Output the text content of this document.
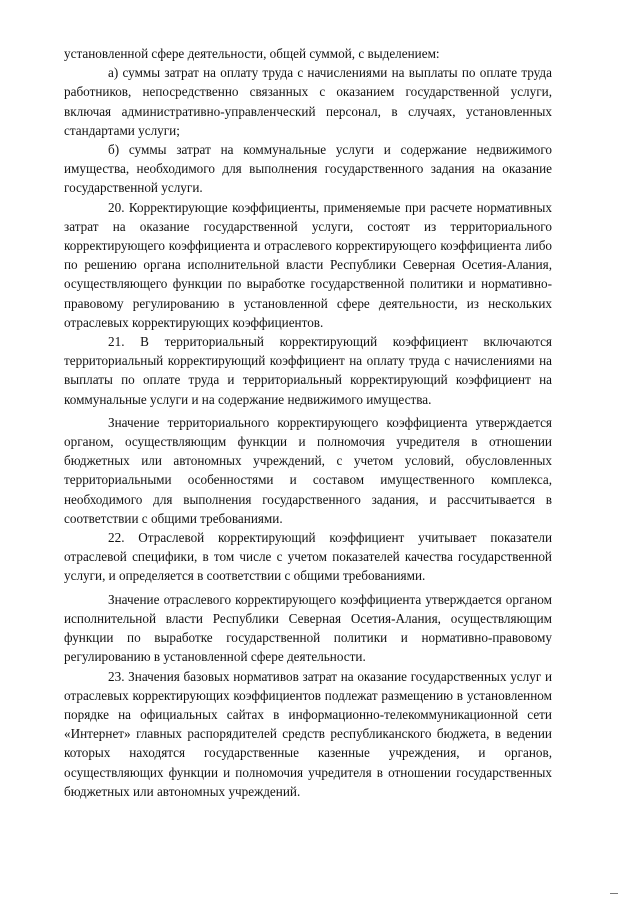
установленной сфере деятельности, общей суммой, с выделением:

а) суммы затрат на оплату труда с начислениями на выплаты по оплате труда работников, непосредственно связанных с оказанием государственной услуги, включая административно-управленческий персонал, в случаях, установленных стандартами услуги;

б) суммы затрат на коммунальные услуги и содержание недвижимого имущества, необходимого для выполнения государственного задания на оказание государственной услуги.

20. Корректирующие коэффициенты, применяемые при расчете нормативных затрат на оказание государственной услуги, состоят из территориального корректирующего коэффициента и отраслевого корректирующего коэффициента либо по решению органа исполнительной власти Республики Северная Осетия-Алания, осуществляющего функции по выработке государственной политики и нормативно-правовому регулированию в установленной сфере деятельности, из нескольких отраслевых корректирующих коэффициентов.

21. В территориальный корректирующий коэффициент включаются территориальный корректирующий коэффициент на оплату труда с начислениями на выплаты по оплате труда и территориальный корректирующий коэффициент на коммунальные услуги и на содержание недвижимого имущества.

Значение территориального корректирующего коэффициента утверждается органом, осуществляющим функции и полномочия учредителя в отношении бюджетных или автономных учреждений, с учетом условий, обусловленных территориальными особенностями и составом имущественного комплекса, необходимого для выполнения государственного задания, и рассчитывается в соответствии с общими требованиями.

22. Отраслевой корректирующий коэффициент учитывает показатели отраслевой специфики, в том числе с учетом показателей качества государственной услуги, и определяется в соответствии с общими требованиями.

Значение отраслевого корректирующего коэффициента утверждается органом исполнительной власти Республики Северная Осетия-Алания, осуществляющим функции по выработке государственной политики и нормативно-правовому регулированию в установленной сфере деятельности.

23. Значения базовых нормативов затрат на оказание государственных услуг и отраслевых корректирующих коэффициентов подлежат размещению в установленном порядке на официальных сайтах в информационно-телекоммуникационной сети «Интернет» главных распорядителей средств республиканского бюджета, в ведении которых находятся государственные казенные учреждения, и органов, осуществляющих функции и полномочия учредителя в отношении государственных бюджетных или автономных учреждений.
